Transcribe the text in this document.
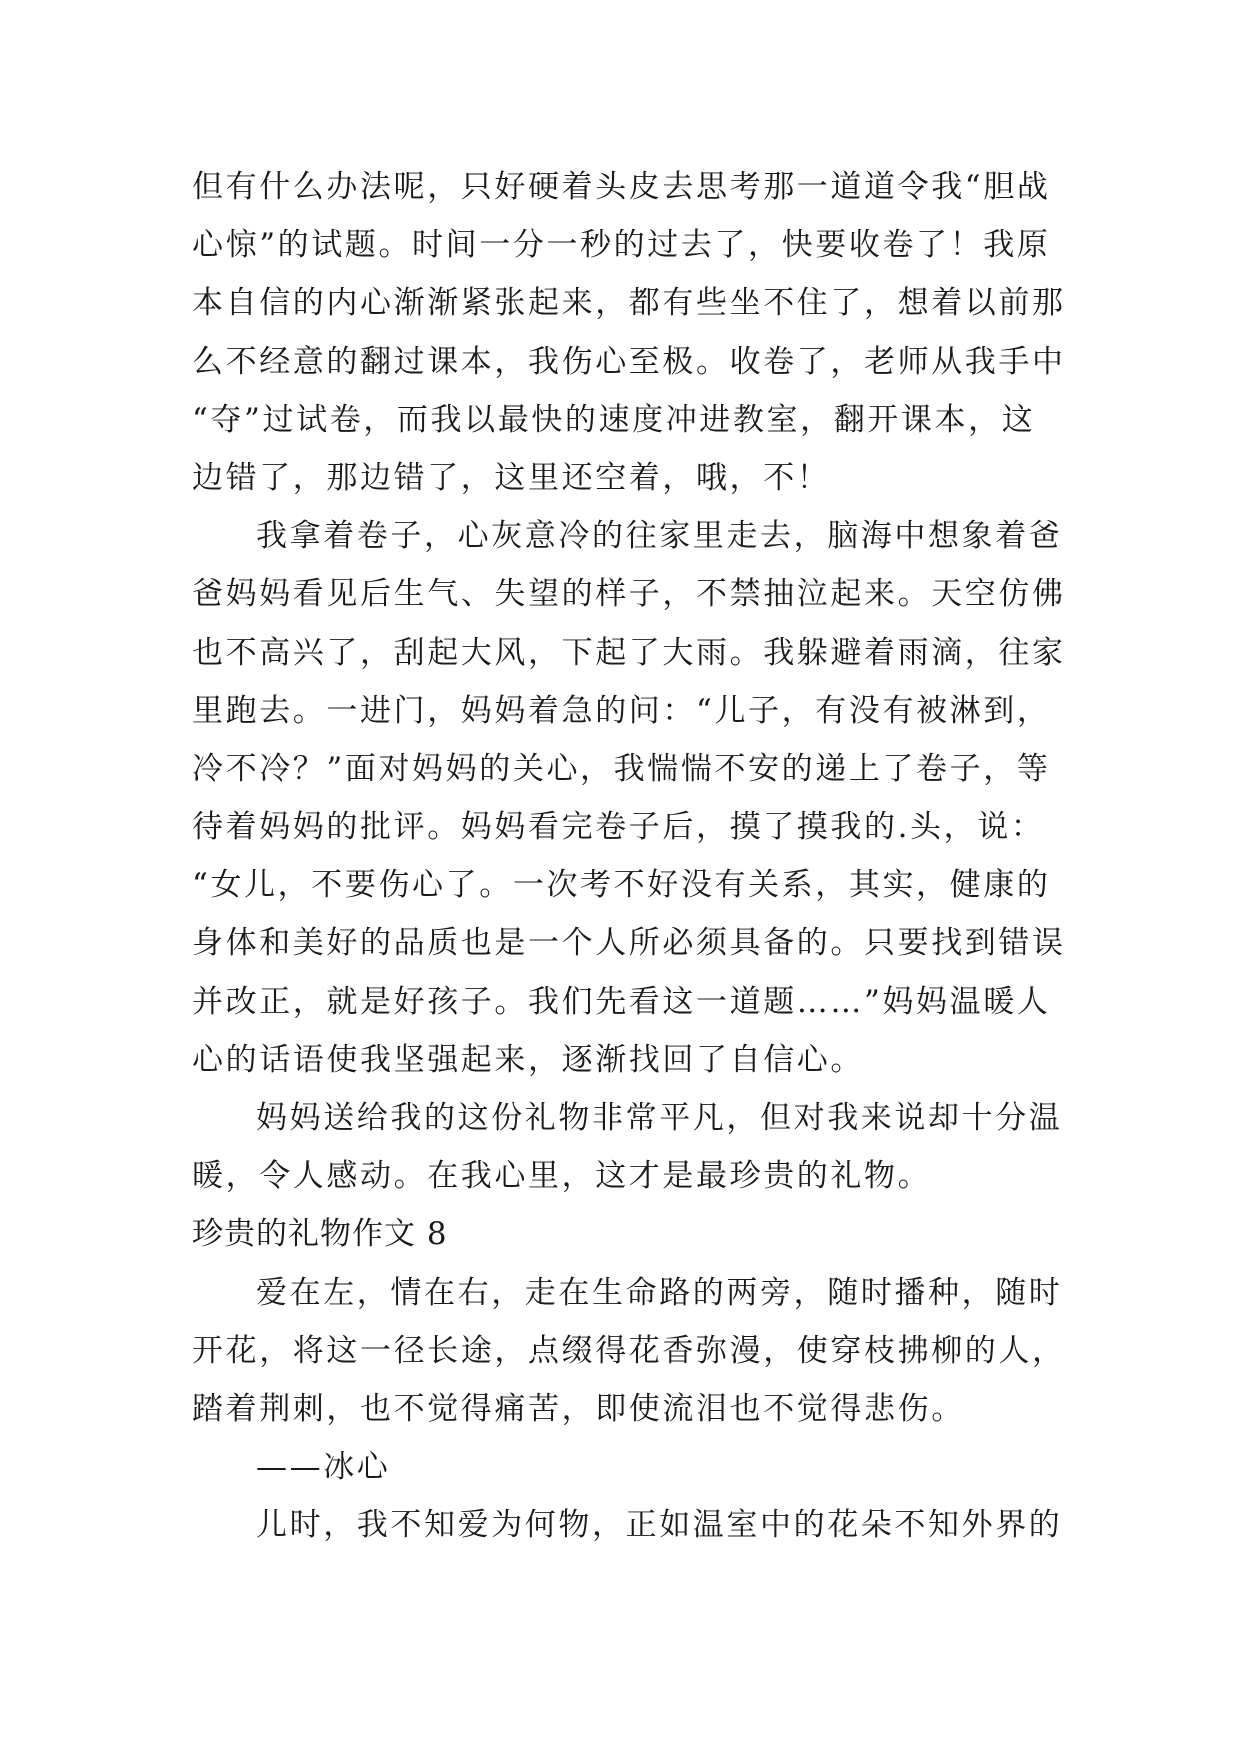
但有什么办法呢，只好硬着头皮去思考那一道道令我“胆战
心惊”的试题。时间一分一秒的过去了，快要收卷了！我原
本自信的内心渐渐紧张起来，都有些坐不住了，想着以前那
么不经意的翻过课本，我伤心至极。收卷了，老师从我手中
“夺”过试卷，而我以最快的速度冲进教室，翻开课本，这
边错了，那边错了，这里还空着，哦，不！
我拿着卷子，心灰意冷的往家里走去，脑海中想象着爸
爸妈妈看见后生气、失望的样子，不禁抽泣起来。天空仿佛
也不高兴了，刮起大风，下起了大雨。我躲避着雨滴，往家
里跑去。一进门，妈妈着急的问：“儿子，有没有被淋到，
冷不冷？”面对妈妈的关心，我惴惴不安的递上了卷子，等
待着妈妈的批评。妈妈看完卷子后，摸了摸我的.头，说：
“女儿，不要伤心了。一次考不好没有关系，其实，健康的
身体和美好的品质也是一个人所必须具备的。只要找到错误
并改正，就是好孩子。我们先看这一道题……”妈妈温暖人
心的话语使我坚强起来，逐渐找回了自信心。
妈妈送给我的这份礼物非常平凡，但对我来说却十分温
暖，令人感动。在我心里，这才是最珍贵的礼物。
珍贵的礼物作文 8
爱在左，情在右，走在生命路的两旁，随时播种，随时
开花，将这一径长途，点缀得花香弥漫，使穿枝拂柳的人，
踏着荆刺，也不觉得痛苦，即使流泪也不觉得悲伤。
——冰心
儿时，我不知爱为何物，正如温室中的花朵不知外界的
